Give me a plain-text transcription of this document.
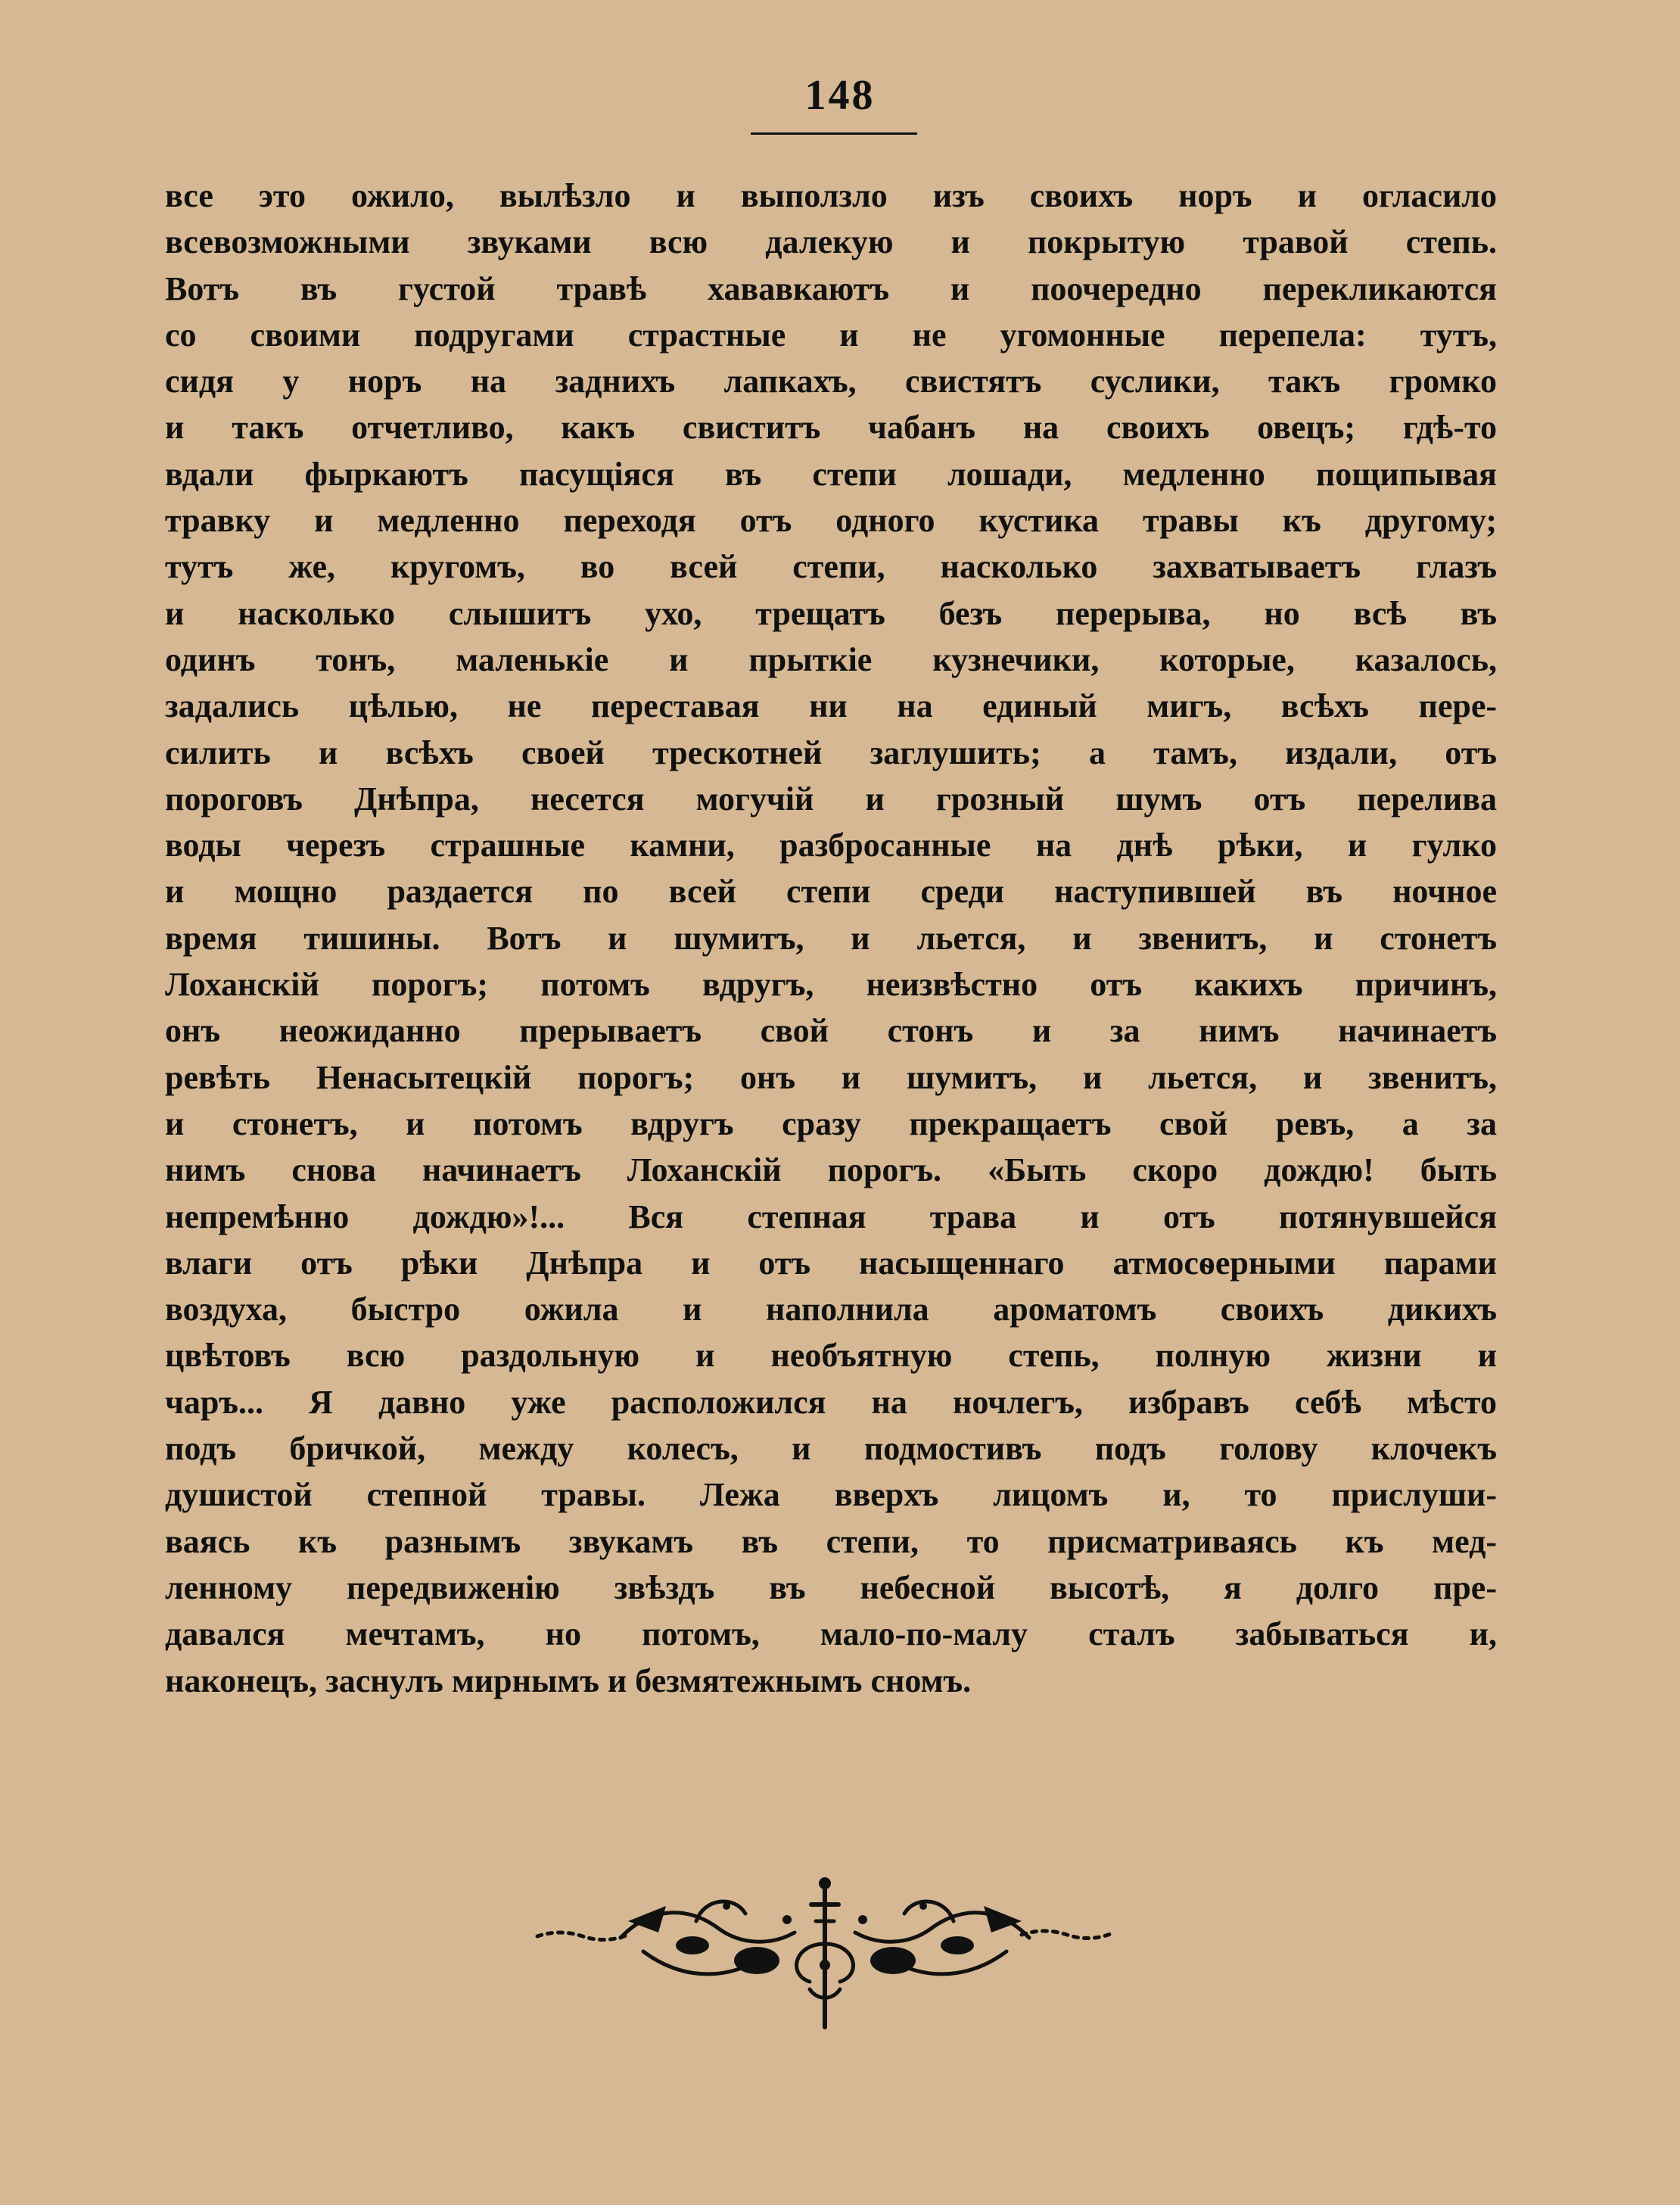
148
все это ожило, вылѣзло и выползло изъ своихъ норъ и огласило
всевозможными звуками всю далекую и покрытую травой степь.
Вотъ въ густой травѣ хававкаютъ и поочередно перекликаются
со своими подругами страстные и не угомонные перепела: тутъ,
сидя у норъ на заднихъ лапкахъ, свистятъ суслики, такъ громко
и такъ отчетливо, какъ свиститъ чабанъ на своихъ овецъ; гдѣ-то
вдали фыркаютъ пасущіяся въ степи лошади, медленно пощипывая
травку и медленно переходя отъ одного кустика травы къ другому;
тутъ же, кругомъ, во всей степи, насколько захватываетъ глазъ
и насколько слышитъ ухо, трещатъ безъ перерыва, но всѣ въ
одинъ тонъ, маленькіе и прыткіе кузнечики, которые, казалось,
задались цѣлью, не переставая ни на единый мигъ, всѣхъ пере-
силить и всѣхъ своей трескотней заглушить; а тамъ, издали, отъ
пороговъ Днѣпра, несется могучій и грозный шумъ отъ перелива
воды черезъ страшные камни, разбросанные на днѣ рѣки, и гулко
и мощно раздается по всей степи среди наступившей въ ночное
время тишины. Вотъ и шумитъ, и льется, и звенитъ, и стонетъ
Лоханскій порогъ; потомъ вдругъ, неизвѣстно отъ какихъ причинъ,
онъ неожиданно прерываетъ свой стонъ и за нимъ начинаетъ
ревѣть Ненасытецкій порогъ; онъ и шумитъ, и льется, и звенитъ,
и стонетъ, и потомъ вдругъ сразу прекращаетъ свой ревъ, а за
нимъ снова начинаетъ Лоханскій порогъ. «Быть скоро дождю! быть
непремѣнно дождю»!... Вся степная трава и отъ потянувшейся
влаги отъ рѣки Днѣпра и отъ насыщеннаго атмосѳерными парами
воздуха, быстро ожила и наполнила ароматомъ своихъ дикихъ
цвѣтовъ всю раздольную и необъятную степь, полную жизни и
чаръ... Я давно уже расположился на ночлегъ, избравъ себѣ мѣсто
подъ бричкой, между колесъ, и подмостивъ подъ голову клочекъ
душистой степной травы. Лежа вверхъ лицомъ и, то прислуши-
ваясь къ разнымъ звукамъ въ степи, то присматриваясь къ мед-
ленному передвиженію звѣздъ въ небесной высотѣ, я долго пре-
давался мечтамъ, но потомъ, мало-по-малу сталъ забываться и,
наконецъ, заснулъ мирнымъ и безмятежнымъ сномъ.
